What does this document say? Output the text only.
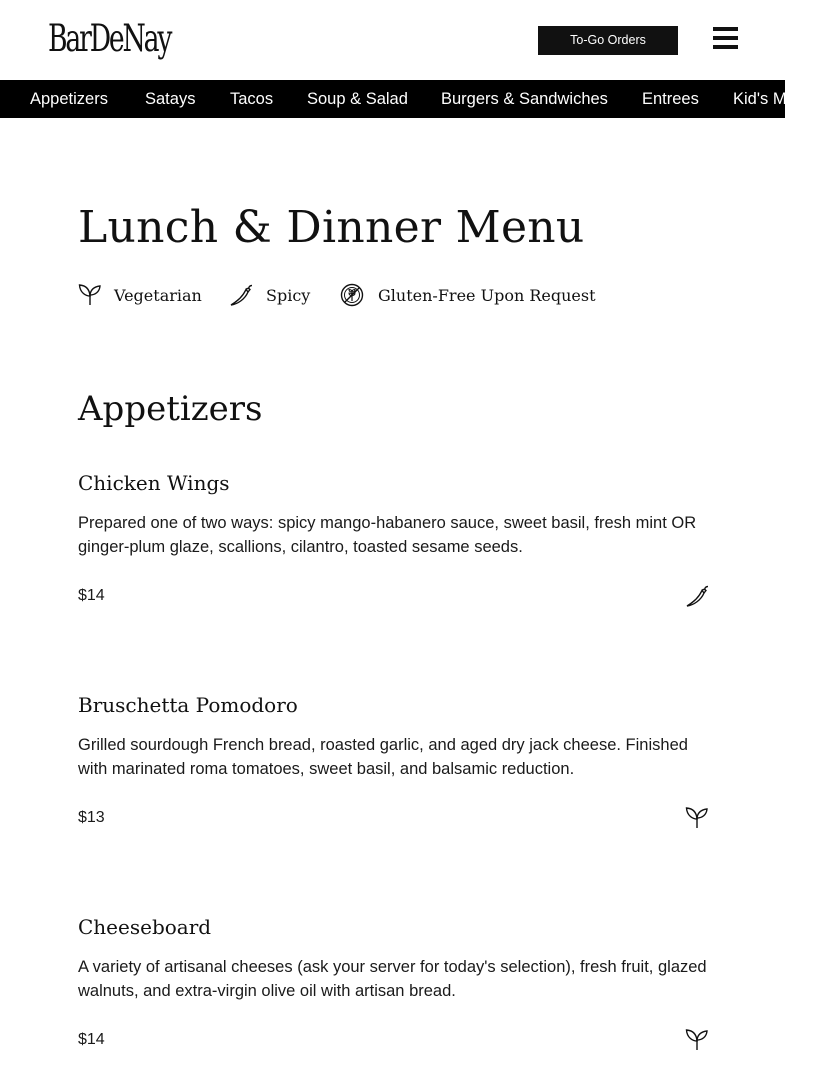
BarDeNay	To-Go Orders
Appetizers Satays Tacos Soup & Salad Burgers & Sandwiches Entrees Kid's Menu
Lunch & Dinner Menu
Vegetarian	Spicy	Gluten-Free Upon Request
Appetizers
Chicken Wings

Prepared one of two ways: spicy mango-habanero sauce, sweet basil, fresh mint OR ginger-plum glaze, scallions, cilantro, toasted sesame seeds.

$14
Bruschetta Pomodoro

Grilled sourdough French bread, roasted garlic, and aged dry jack cheese. Finished with marinated roma tomatoes, sweet basil, and balsamic reduction.

$13
Cheeseboard

A variety of artisanal cheeses (ask your server for today's selection), fresh fruit, glazed walnuts, and extra-virgin olive oil with artisan bread.

$14
